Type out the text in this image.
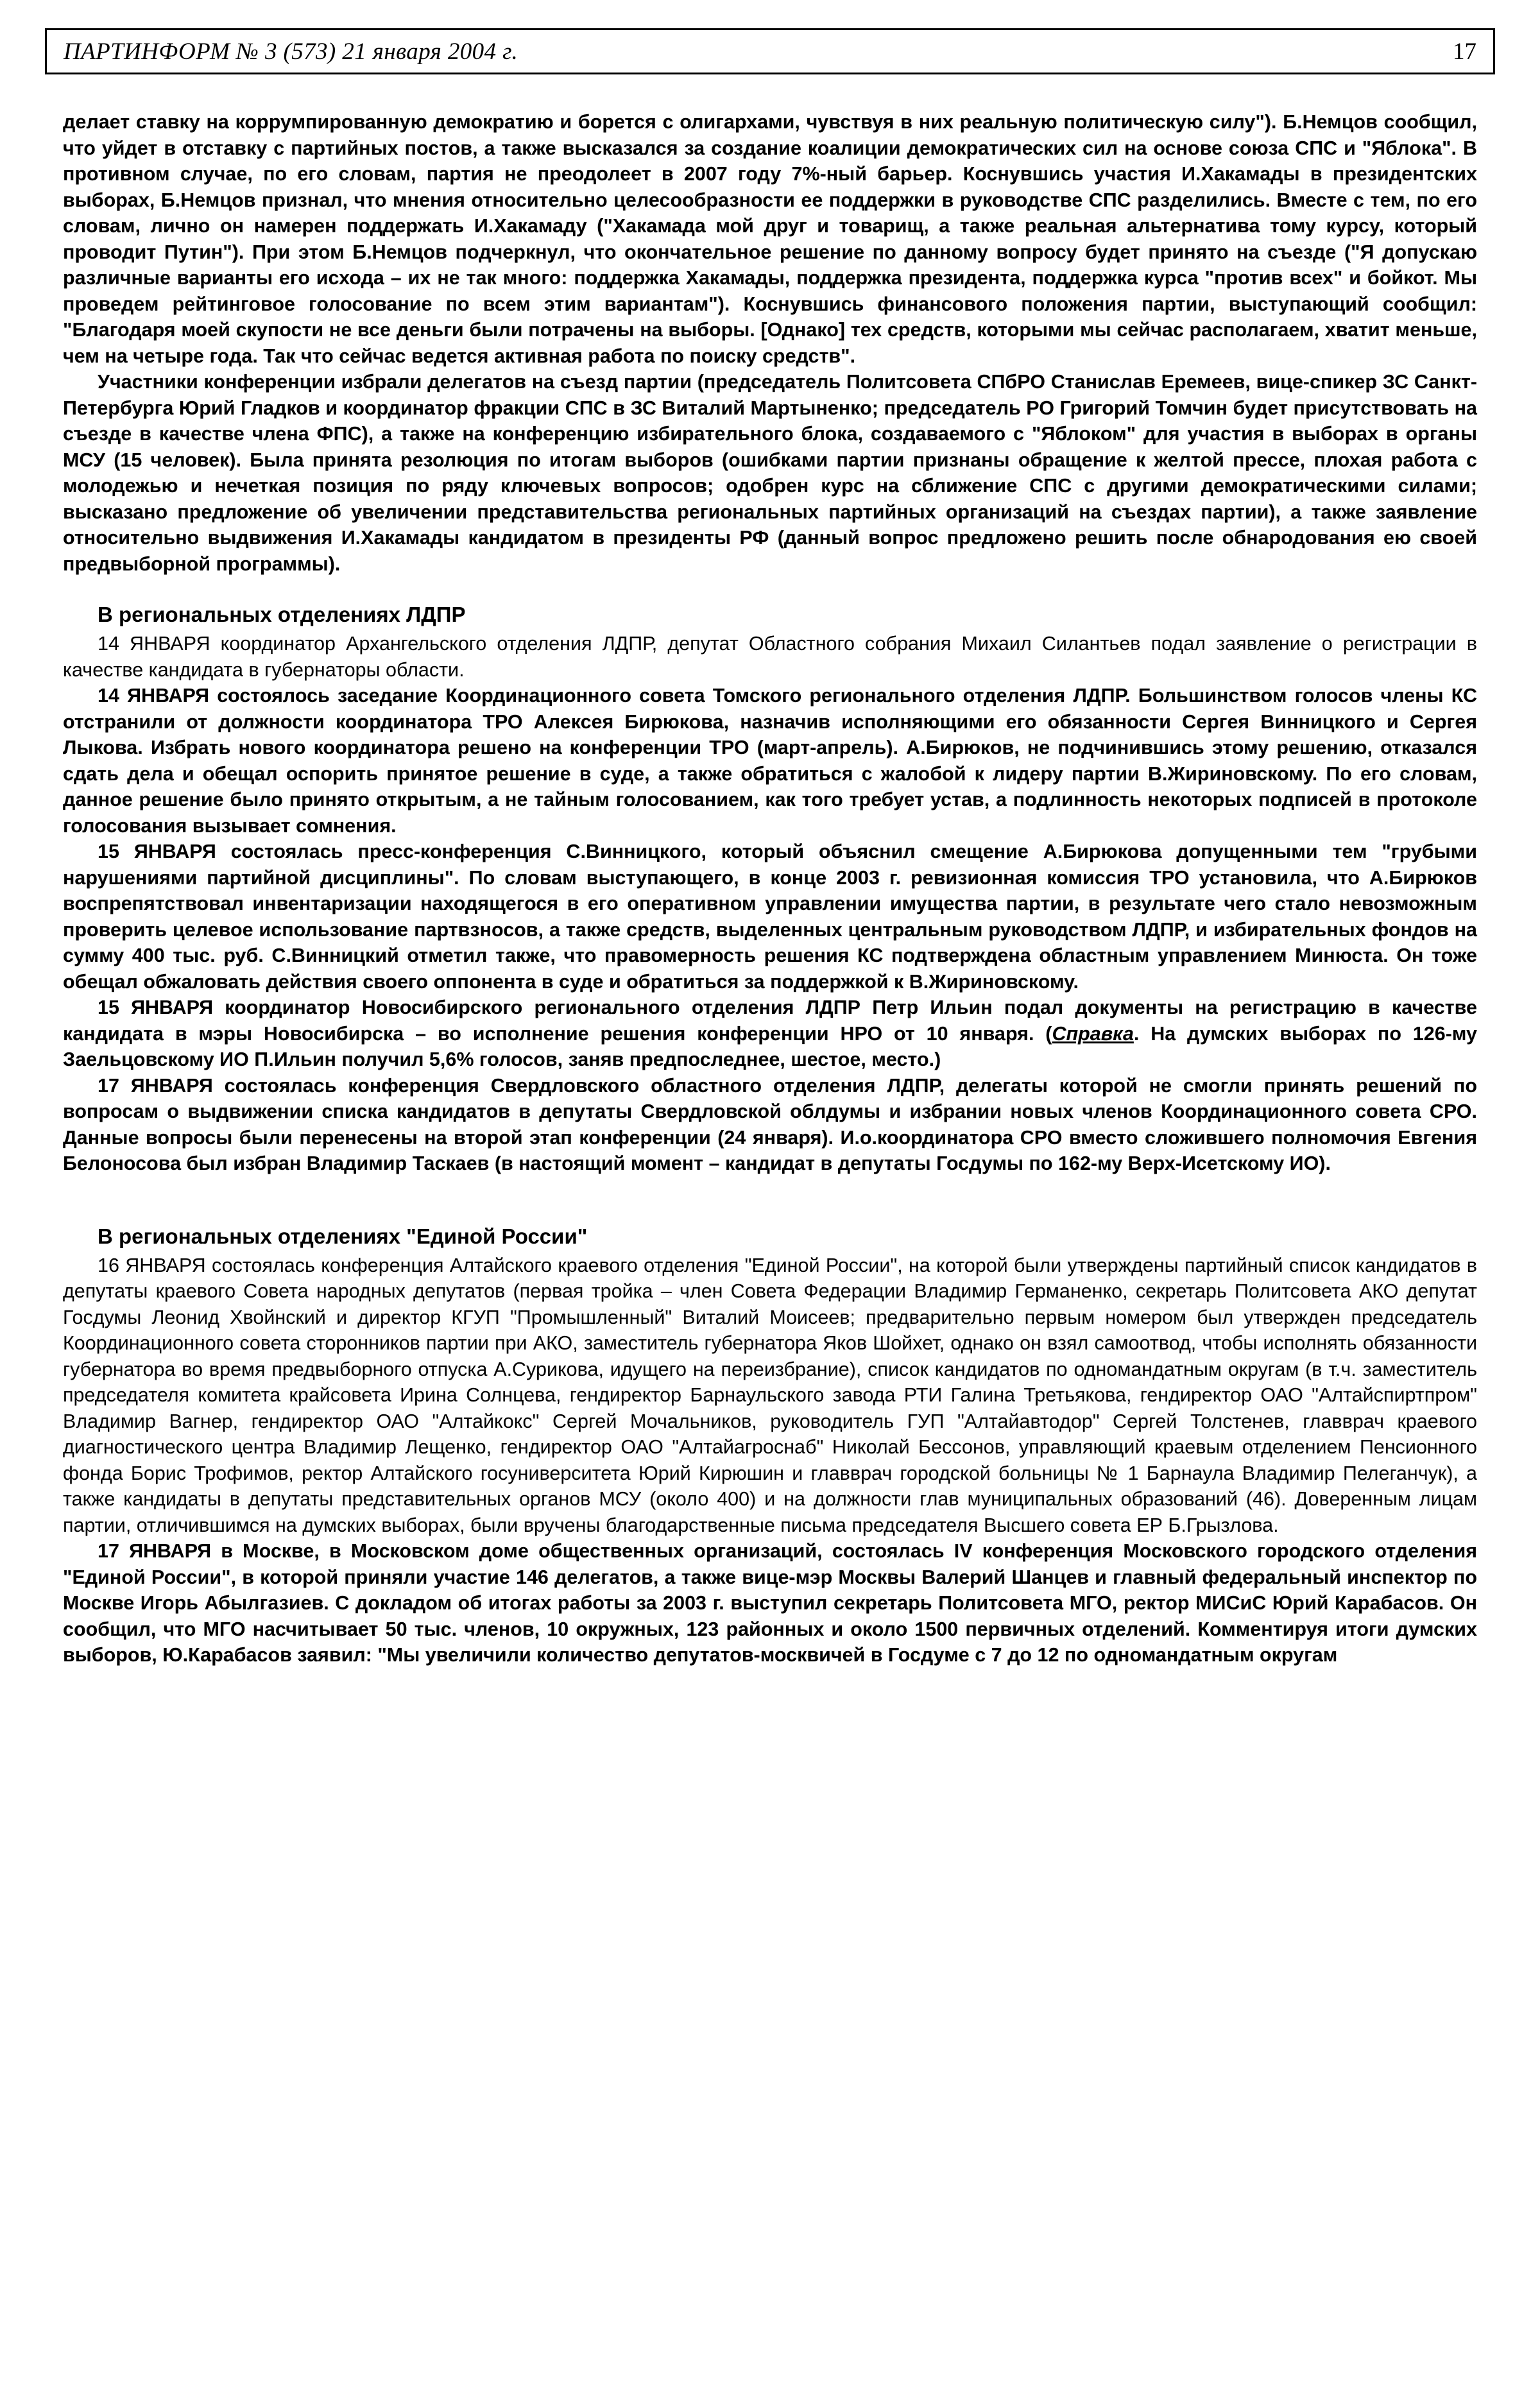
ПАРТИНФОРМ № 3 (573) 21 января 2004 г.	17

делает ставку на коррумпированную демократию и борется с олигархами, чувствуя в них реальную политическую силу"). Б.Немцов сообщил, что уйдет в отставку с партийных постов, а также высказался за создание коалиции демократических сил на основе союза СПС и "Яблока". В противном случае, по его словам, партия не преодолеет в 2007 году 7%-ный барьер. Коснувшись участия И.Хакамады в президентских выборах, Б.Немцов признал, что мнения относительно целесообразности ее поддержки в руководстве СПС разделились. Вместе с тем, по его словам, лично он намерен поддержать И.Хакамаду ("Хакамада мой друг и товарищ, а также реальная альтернатива тому курсу, который проводит Путин"). При этом Б.Немцов подчеркнул, что окончательное решение по данному вопросу будет принято на съезде ("Я допускаю различные варианты его исхода – их не так много: поддержка Хакамады, поддержка президента, поддержка курса "против всех" и бойкот. Мы проведем рейтинговое голосование по всем этим вариантам"). Коснувшись финансового положения партии, выступающий сообщил: "Благодаря моей скупости не все деньги были потрачены на выборы. [Однако] тех средств, которыми мы сейчас располагаем, хватит меньше, чем на четыре года. Так что сейчас ведется активная работа по поиску средств".

Участники конференции избрали делегатов на съезд партии (председатель Политсовета СПбРО Станислав Еремеев, вице-спикер ЗС Санкт-Петербурга Юрий Гладков и координатор фракции СПС в ЗС Виталий Мартыненко; председатель РО Григорий Томчин будет присутствовать на съезде в качестве члена ФПС), а также на конференцию избирательного блока, создаваемого с "Яблоком" для участия в выборах в органы МСУ (15 человек). Была принята резолюция по итогам выборов (ошибками партии признаны обращение к желтой прессе, плохая работа с молодежью и нечеткая позиция по ряду ключевых вопросов; одобрен курс на сближение СПС с другими демократическими силами; высказано предложение об увеличении представительства региональных партийных организаций на съездах партии), а также заявление относительно выдвижения И.Хакамады кандидатом в президенты РФ (данный вопрос предложено решить после обнародования ею своей предвыборной программы).

В региональных отделениях ЛДПР

14 ЯНВАРЯ координатор Архангельского отделения ЛДПР, депутат Областного собрания Михаил Силантьев подал заявление о регистрации в качестве кандидата в губернаторы области.

14 ЯНВАРЯ состоялось заседание Координационного совета Томского регионального отделения ЛДПР. Большинством голосов члены КС отстранили от должности координатора ТРО Алексея Бирюкова, назначив исполняющими его обязанности Сергея Винницкого и Сергея Лыкова. Избрать нового координатора решено на конференции ТРО (март-апрель). А.Бирюков, не подчинившись этому решению, отказался сдать дела и обещал оспорить принятое решение в суде, а также обратиться с жалобой к лидеру партии В.Жириновскому. По его словам, данное решение было принято открытым, а не тайным голосованием, как того требует устав, а подлинность некоторых подписей в протоколе голосования вызывает сомнения.

15 ЯНВАРЯ состоялась пресс-конференция С.Винницкого, который объяснил смещение А.Бирюкова допущенными тем "грубыми нарушениями партийной дисциплины". По словам выступающего, в конце 2003 г. ревизионная комиссия ТРО установила, что А.Бирюков воспрепятствовал инвентаризации находящегося в его оперативном управлении имущества партии, в результате чего стало невозможным проверить целевое использование партвзносов, а также средств, выделенных центральным руководством ЛДПР, и избирательных фондов на сумму 400 тыс. руб. С.Винницкий отметил также, что правомерность решения КС подтверждена областным управлением Минюста. Он тоже обещал обжаловать действия своего оппонента в суде и обратиться за поддержкой к В.Жириновскому.

15 ЯНВАРЯ координатор Новосибирского регионального отделения ЛДПР Петр Ильин подал документы на регистрацию в качестве кандидата в мэры Новосибирска – во исполнение решения конференции НРО от 10 января. (Справка. На думских выборах по 126-му Заельцовскому ИО П.Ильин получил 5,6% голосов, заняв предпоследнее, шестое, место.)

17 ЯНВАРЯ состоялась конференция Свердловского областного отделения ЛДПР, делегаты которой не смогли принять решений по вопросам о выдвижении списка кандидатов в депутаты Свердловской облдумы и избрании новых членов Координационного совета СРО. Данные вопросы были перенесены на второй этап конференции (24 января). И.о.координатора СРО вместо сложившего полномочия Евгения Белоносова был избран Владимир Таскаев (в настоящий момент – кандидат в депутаты Госдумы по 162-му Верх-Исетскому ИО).

В региональных отделениях "Единой России"

16 ЯНВАРЯ состоялась конференция Алтайского краевого отделения "Единой России", на которой были утверждены партийный список кандидатов в депутаты краевого Совета народных депутатов (первая тройка – член Совета Федерации Владимир Германенко, секретарь Политсовета АКО депутат Госдумы Леонид Хвойнский и директор КГУП "Промышленный" Виталий Моисеев; предварительно первым номером был утвержден председатель Координационного совета сторонников партии при АКО, заместитель губернатора Яков Шойхет, однако он взял самоотвод, чтобы исполнять обязанности губернатора во время предвыборного отпуска А.Сурикова, идущего на переизбрание), список кандидатов по одномандатным округам (в т.ч. заместитель председателя комитета крайсовета Ирина Солнцева, гендиректор Барнаульского завода РТИ Галина Третьякова, гендиректор ОАО "Алтайспиртпром" Владимир Вагнер, гендиректор ОАО "Алтайкокс" Сергей Мочальников, руководитель ГУП "Алтайавтодор" Сергей Толстенев, главврач краевого диагностического центра Владимир Лещенко, гендиректор ОАО "Алтайагроснаб" Николай Бессонов, управляющий краевым отделением Пенсионного фонда Борис Трофимов, ректор Алтайского госуниверситета Юрий Кирюшин и главврач городской больницы № 1 Барнаула Владимир Пелеганчук), а также кандидаты в депутаты представительных органов МСУ (около 400) и на должности глав муниципальных образований (46). Доверенным лицам партии, отличившимся на думских выборах, были вручены благодарственные письма председателя Высшего совета ЕР Б.Грызлова.

17 ЯНВАРЯ в Москве, в Московском доме общественных организаций, состоялась IV конференция Московского городского отделения "Единой России", в которой приняли участие 146 делегатов, а также вице-мэр Москвы Валерий Шанцев и главный федеральный инспектор по Москве Игорь Абылгазиев. С докладом об итогах работы за 2003 г. выступил секретарь Политсовета МГО, ректор МИСиС Юрий Карабасов. Он сообщил, что МГО насчитывает 50 тыс. членов, 10 окружных, 123 районных и около 1500 первичных отделений. Комментируя итоги думских выборов, Ю.Карабасов заявил: "Мы увеличили количество депутатов-москвичей в Госдуме с 7 до 12 по одномандатным округам
